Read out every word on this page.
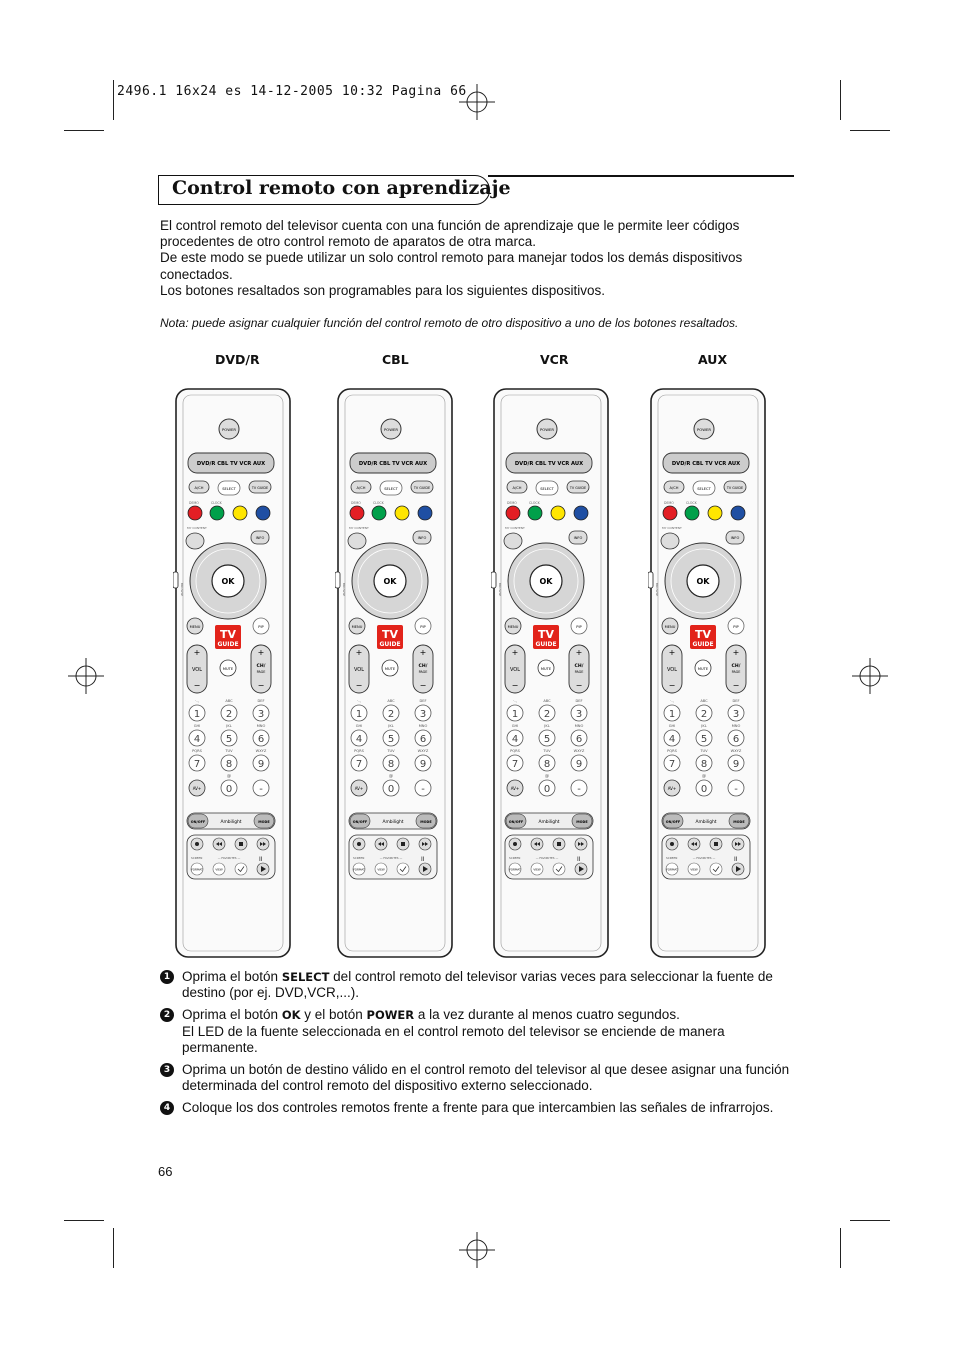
2496.1 16x24 es 14-12-2005 10:32 Pagina 66
Control remoto con aprendizaje

El control remoto del televisor cuenta con una función de aprendizaje que le permite leer códigos procedentes de otro control remoto de aparatos de otra marca.

De este modo se puede utilizar un solo control remoto para manejar todos los demás dispositivos conectados.

Los botones resaltados son programables para los siguientes dispositivos.

Nota: puede asignar cualquier función del control remoto de otro dispositivo a uno de los botones resaltados.
DVD/R	CBL	VCR	AUX
POWER
DVD/R CBL TV VCR AUX
A/CH	SELECT	TV GUIDE
DEMO	CLOCK
MY CONTENT
INFO
OK
BROWSE
MENU	PIP
TV
GUIDE
+
VOL
−
MUTE
+
CH/
PAGE
−
·-,	ABC	DEF
1	2	3
GHI	JKL	MNO
4	5	6
PQRS	TUV	WXYZ
7	8	9
@
AV+ 0	-
ON/OFF	Ambilight	MODE
SCREEN	— FAVORITES —	II
FORMAT	VIEW
POWER
DVD/R CBL TV VCR AUX
A/CH	SELECT	TV GUIDE
DEMO	CLOCK
MY CONTENT
INFO
OK
BROWSE
MENU	PIP
TV
GUIDE
+
VOL
−
MUTE
+
CH/
PAGE
−
·-,	ABC	DEF
1	2	3
GHI	JKL	MNO
4	5	6
PQRS	TUV	WXYZ
7	8	9
@
AV+ 0	-
ON/OFF	Ambilight	MODE
SCREEN	— FAVORITES —	II
FORMAT	VIEW
POWER
DVD/R CBL TV VCR AUX
A/CH	SELECT	TV GUIDE
DEMO	CLOCK
MY CONTENT
INFO
OK
BROWSE
MENU	PIP
TV
GUIDE
+
VOL
−
MUTE
+
CH/
PAGE
−
·-,	ABC	DEF
1	2	3
GHI	JKL	MNO
4	5	6
PQRS	TUV	WXYZ
7	8	9
@
AV+ 0	-
ON/OFF	Ambilight	MODE
SCREEN	— FAVORITES —	II
FORMAT	VIEW
POWER
DVD/R CBL TV VCR AUX
A/CH	SELECT	TV GUIDE
DEMO	CLOCK
MY CONTENT
INFO
OK
BROWSE
MENU	PIP
TV
GUIDE
+
VOL
−
MUTE
+
CH/
PAGE
−
·-,	ABC	DEF
1	2	3
GHI	JKL	MNO
4	5	6
PQRS	TUV	WXYZ
7	8	9
@
AV+ 0	-
ON/OFF	Ambilight	MODE
SCREEN	— FAVORITES —	II
FORMAT	VIEW
1 Oprima el botón SELECT del control remoto del televisor varias veces para seleccionar la fuente de destino (por ej. DVD,VCR,...).
2 Oprima el botón OK y el botón POWER a la vez durante al menos cuatro segundos.
El LED de la fuente seleccionada en el control remoto del televisor se enciende de manera permanente.
3 Oprima un botón de destino válido en el control remoto del televisor al que desee asignar una función determinada del control remoto del dispositivo externo seleccionado.
4 Coloque los dos controles remotos frente a frente para que intercambien las señales de infrarrojos.
66
